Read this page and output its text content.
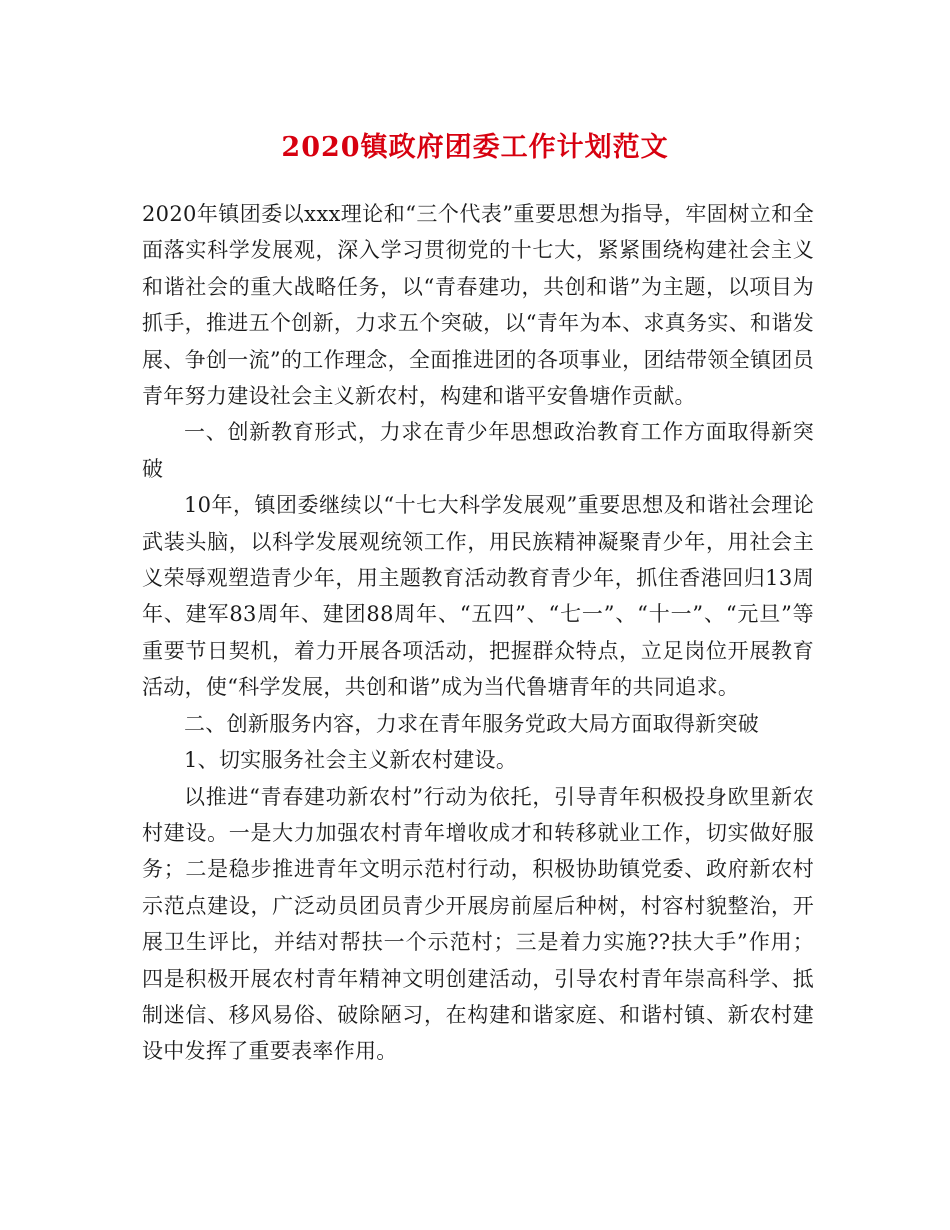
2020镇政府团委工作计划范文

2020年镇团委以xxx理论和“三个代表”重要思想为指导，牢固树立和全面落实科学发展观，深入学习贯彻党的十七大，紧紧围绕构建社会主义和谐社会的重大战略任务，以“青春建功，共创和谐”为主题，以项目为抓手，推进五个创新，力求五个突破，以“青年为本、求真务实、和谐发展、争创一流”的工作理念，全面推进团的各项事业，团结带领全镇团员青年努力建设社会主义新农村，构建和谐平安鲁塘作贡献。

一、创新教育形式，力求在青少年思想政治教育工作方面取得新突破

10年，镇团委继续以“十七大科学发展观”重要思想及和谐社会理论武装头脑，以科学发展观统领工作，用民族精神凝聚青少年，用社会主义荣辱观塑造青少年，用主题教育活动教育青少年，抓住香港回归13周年、建军83周年、建团88周年、“五四”、“七一”、“十一”、“元旦”等重要节日契机，着力开展各项活动，把握群众特点，立足岗位开展教育活动，使“科学发展，共创和谐”成为当代鲁塘青年的共同追求。

二、创新服务内容，力求在青年服务党政大局方面取得新突破

1、切实服务社会主义新农村建设。

以推进“青春建功新农村”行动为依托，引导青年积极投身欧里新农村建设。一是大力加强农村青年增收成才和转移就业工作，切实做好服务；二是稳步推进青年文明示范村行动，积极协助镇党委、政府新农村示范点建设，广泛动员团员青少开展房前屋后种树，村容村貌整治，开展卫生评比，并结对帮扶一个示范村；三是着力实施??扶大手”作用；四是积极开展农村青年精神文明创建活动，引导农村青年崇高科学、抵制迷信、移风易俗、破除陋习，在构建和谐家庭、和谐村镇、新农村建设中发挥了重要表率作用。
